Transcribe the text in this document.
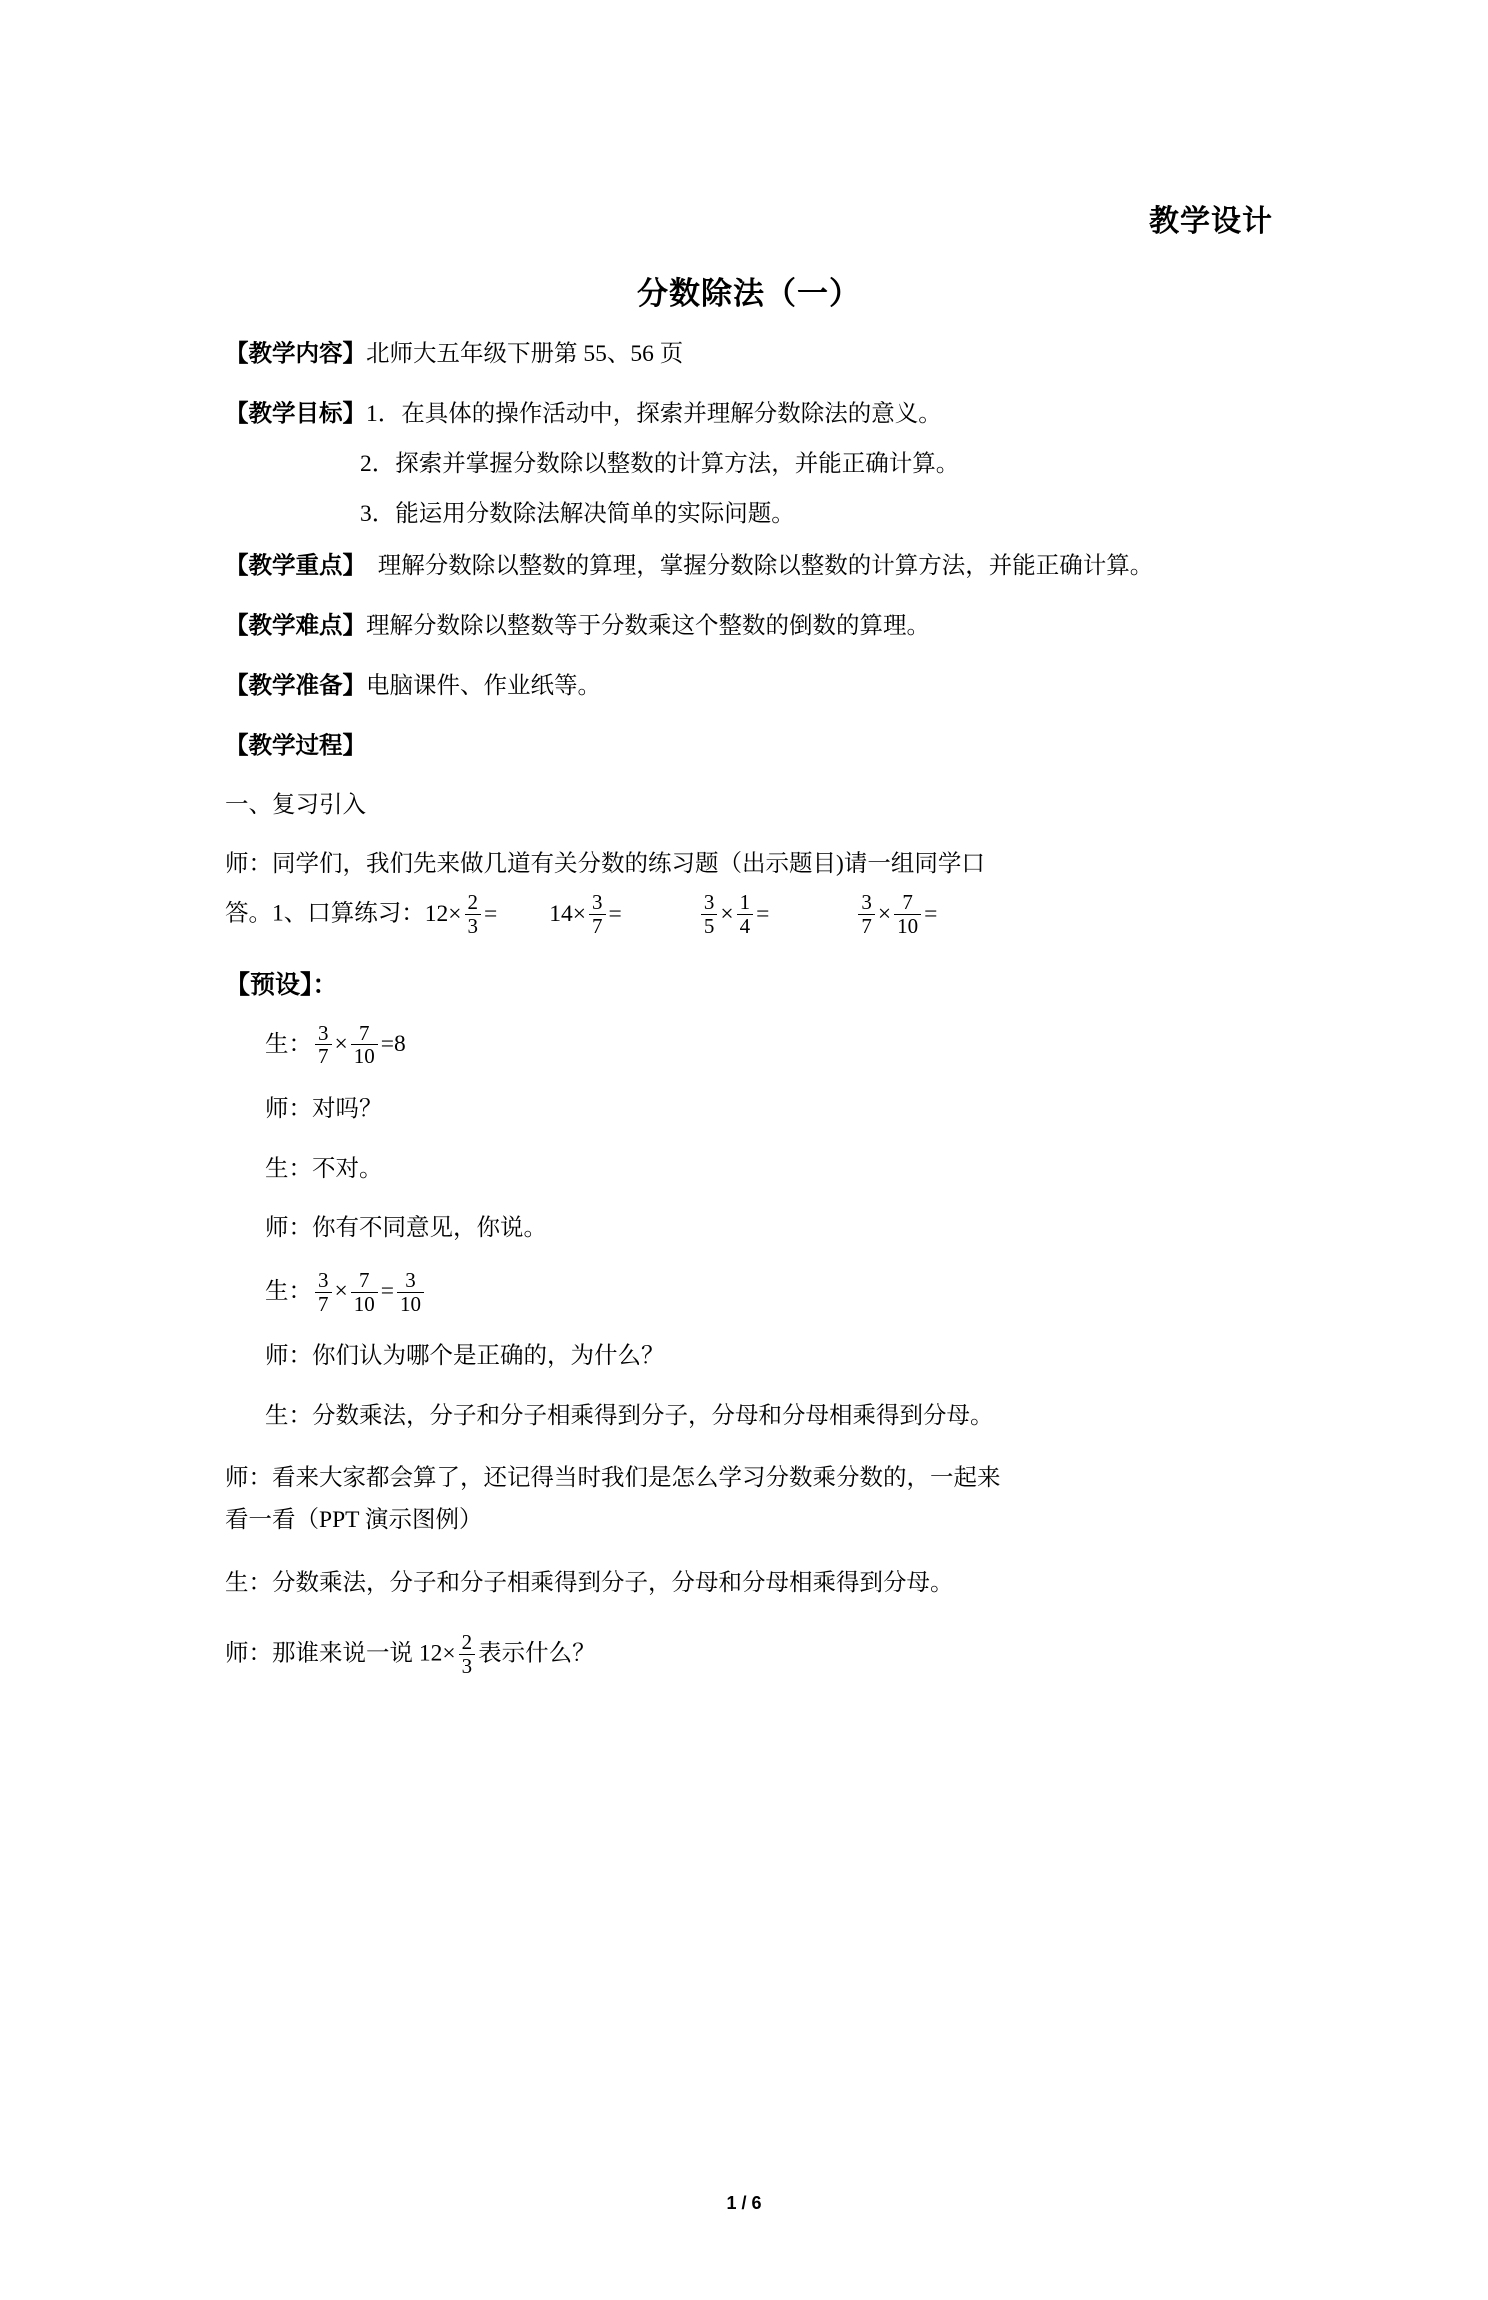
教学设计
分数除法（一）
【教学内容】北师大五年级下册第 55、56 页
【教学目标】1．在具体的操作活动中，探索并理解分数除法的意义。
2．探索并掌握分数除以整数的计算方法，并能正确计算。
3．能运用分数除法解决简单的实际问题。
【教学重点】 理解分数除以整数的算理，掌握分数除以整数的计算方法，并能正确计算。
【教学难点】理解分数除以整数等于分数乘这个整数的倒数的算理。
【教学准备】电脑课件、作业纸等。
【教学过程】
一、复习引入
师：同学们，我们先来做几道有关分数的练习题（出示题目)请一组同学口
答。1、口算练习：$12\times \frac{2}{3} = 14\times \frac{3}{7}$ =	$\frac{3}{5} \times \frac{1}{4}$ =	$\frac{3}{7} \times \frac{7}{10}$ =
【预设】：
生： $\frac{3}{7} \times \frac{7}{10} =8$
师：对吗？
生：不对。
师：你有不同意见，你说。
生： $\frac{3}{7} \times \frac{7}{10} = \frac{3}{10}$
师：你们认为哪个是正确的，为什么？
生：分数乘法，分子和分子相乘得到分子，分母和分母相乘得到分母。
师：看来大家都会算了，还记得当时我们是怎么学习分数乘分数的，一起来
看一看（PPT 演示图例）
生：分数乘法，分子和分子相乘得到分子，分母和分母相乘得到分母。
师：那谁来说一说 $12\times \frac{2}{3}$ 表示什么？
1 / 6
